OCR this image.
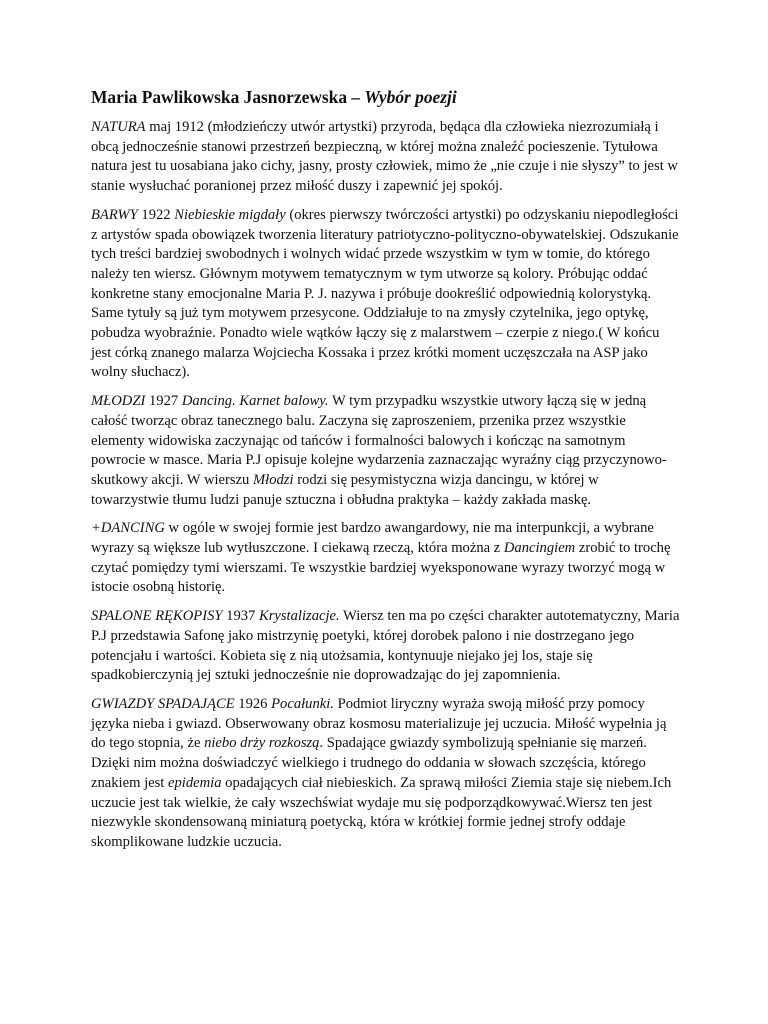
Maria Pawlikowska Jasnorzewska – Wybór poezji

NATURA maj 1912 (młodzieńczy utwór artystki) przyroda, będąca dla człowieka niezrozumiałą i obcą jednocześnie stanowi przestrzeń bezpieczną, w której można znaleźć pocieszenie. Tytułowa natura jest tu uosabiana jako cichy, jasny, prosty człowiek, mimo że „nie czuje i nie słyszy” to jest w stanie wysłuchać poranionej przez miłość duszy i zapewnić jej spokój.

BARWY 1922 Niebieskie migdały (okres pierwszy twórczości artystki) po odzyskaniu niepodległości z artystów spada obowiązek tworzenia literatury patriotyczno-polityczno-obywatelskiej. Odszukanie tych treści bardziej swobodnych i wolnych widać przede wszystkim w tym w tomie, do którego należy ten wiersz. Głównym motywem tematycznym w tym utworze są kolory. Próbując oddać konkretne stany emocjonalne Maria P. J. nazywa i próbuje dookreślić odpowiednią kolorystyką. Same tytuły są już tym motywem przesycone. Oddziałuje to na zmysły czytelnika, jego optykę, pobudza wyobraźnie. Ponadto wiele wątków łączy się z malarstwem – czerpie z niego.( W końcu jest córką znanego malarza Wojciecha Kossaka i przez krótki moment uczęszczała na ASP jako wolny słuchacz).

MŁODZI 1927 Dancing. Karnet balowy. W tym przypadku wszystkie utwory łączą się w jedną całość tworząc obraz tanecznego balu. Zaczyna się zaproszeniem, przenika przez wszystkie elementy widowiska zaczynając od tańców i formalności balowych i kończąc na samotnym powrocie w masce. Maria P.J opisuje kolejne wydarzenia zaznaczając wyraźny ciąg przyczynowo-skutkowy akcji. W wierszu Młodzi rodzi się pesymistyczna wizja dancingu, w której w towarzystwie tłumu ludzi panuje sztuczna i obłudna praktyka – każdy zakłada maskę.

+DANCING w ogóle w swojej formie jest bardzo awangardowy, nie ma interpunkcji, a wybrane wyrazy są większe lub wytłuszczone. I ciekawą rzeczą, która można z Dancingiem zrobić to trochę czytać pomiędzy tymi wierszami. Te wszystkie bardziej wyeksponowane wyrazy tworzyć mogą w istocie osobną historię.

SPALONE RĘKOPISY 1937 Krystalizacje. Wiersz ten ma po części charakter autotematyczny, Maria P.J przedstawia Safonę jako mistrzynię poetyki, której dorobek palono i nie dostrzegano jego potencjału i wartości. Kobieta się z nią utożsamia, kontynuuje niejako jej los, staje się spadkobierczynią jej sztuki jednocześnie nie doprowadzając do jej zapomnienia.

GWIAZDY SPADAJĄCE 1926 Pocałunki. Podmiot liryczny wyraża swoją miłość przy pomocy języka nieba i gwiazd. Obserwowany obraz kosmosu materializuje jej uczucia. Miłość wypełnia ją do tego stopnia, że niebo drży rozkoszą. Spadające gwiazdy symbolizują spełnianie się marzeń. Dzięki nim można doświadczyć wielkiego i trudnego do oddania w słowach szczęścia, którego znakiem jest epidemia opadających ciał niebieskich. Za sprawą miłości Ziemia staje się niebem.Ich uczucie jest tak wielkie, że cały wszechświat wydaje mu się podporządkowywać.Wiersz ten jest niezwykle skondensowaną miniaturą poetycką, która w krótkiej formie jednej strofy oddaje skomplikowane ludzkie uczucia.
